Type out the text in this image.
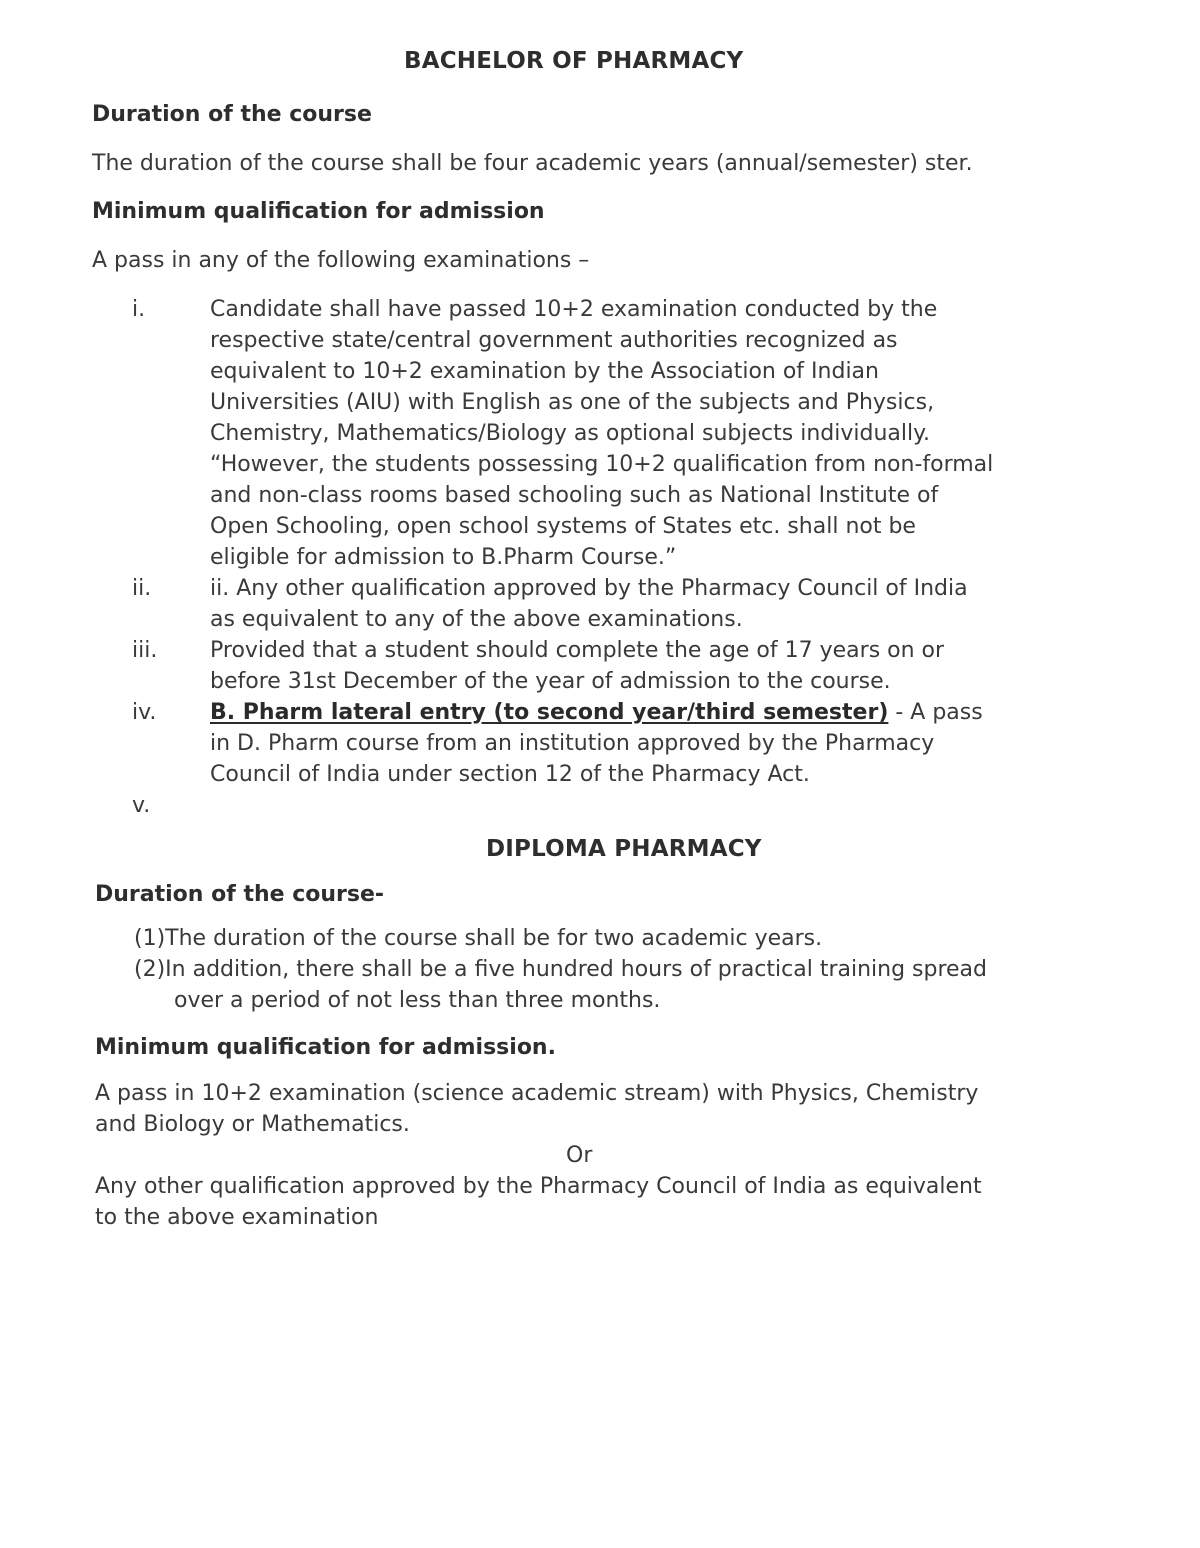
BACHELOR OF PHARMACY
Duration of the course
The duration of the course shall be four academic years (annual/semester) ster.
Minimum qualification for admission
A pass in any of the following examinations –
i.	Candidate shall have passed 10+2 examination conducted by the
respective state/central government authorities recognized as
equivalent to 10+2 examination by the Association of Indian
Universities (AIU) with English as one of the subjects and Physics,
Chemistry, Mathematics/Biology as optional subjects individually.
“However, the students possessing 10+2 qualification from non-formal
and non-class rooms based schooling such as National Institute of
Open Schooling, open school systems of States etc. shall not be
eligible for admission to B.Pharm Course.”
ii.	ii. Any other qualification approved by the Pharmacy Council of India
as equivalent to any of the above examinations.
iii. Provided that a student should complete the age of 17 years on or
before 31st December of the year of admission to the course.
iv. B. Pharm lateral entry (to second year/third semester) - A pass
in D. Pharm course from an institution approved by the Pharmacy
Council of India under section 12 of the Pharmacy Act.
v.
DIPLOMA PHARMACY
Duration of the course-
(1)The duration of the course shall be for two academic years.
(2)In addition, there shall be a five hundred hours of practical training spread
over a period of not less than three months.
Minimum qualification for admission.
A pass in 10+2 examination (science academic stream) with Physics, Chemistry
and Biology or Mathematics.
Or
Any other qualification approved by the Pharmacy Council of India as equivalent
to the above examination
